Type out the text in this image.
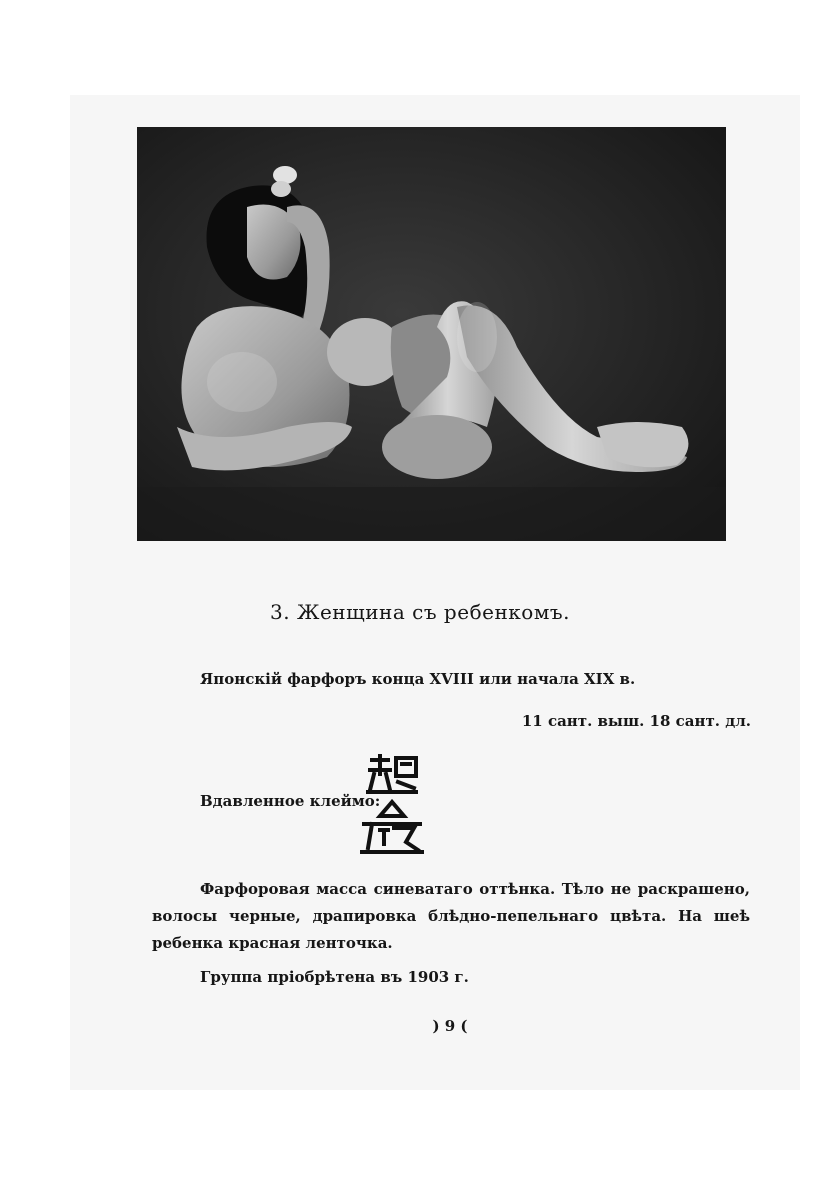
3. Женщина съ ребенкомъ.
Японскій фарфоръ конца XVIII или начала XIX в.
11 сант. выш. 18 сант. дл.
Вдавленное клеймо:

Фарфоровая масса синеватаго оттѣнка. Тѣло не раскрашено, волосы черные, драпировка блѣдно-пепельнаго цвѣта. На шеѣ ребенка красная ленточка.

Группа пріобрѣтена въ 1903 г.
) 9 (
